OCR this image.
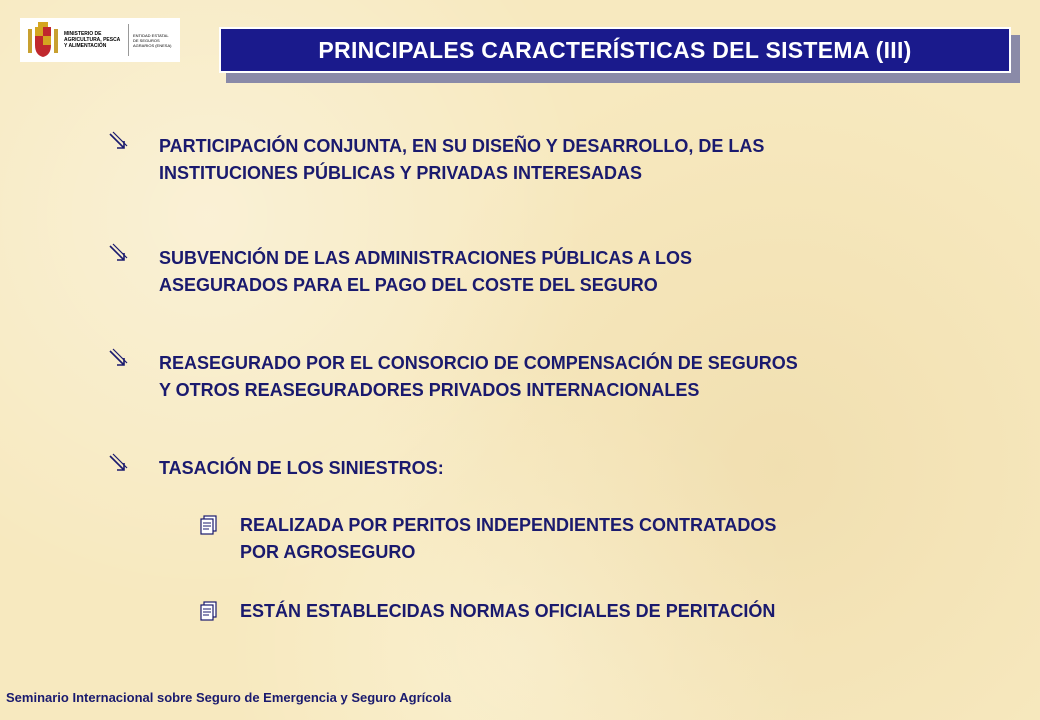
MINISTERIO DE AGRICULTURA, PESCA Y ALIMENTACIÓN
ENTIDAD ESTATAL DE SEGUROS AGRARIOS (ENESA)	PRINCIPALES CARACTERÍSTICAS DEL SISTEMA (III)
PARTICIPACIÓN CONJUNTA, EN SU DISEÑO Y DESARROLLO, DE LAS
INSTITUCIONES PÚBLICAS Y PRIVADAS INTERESADAS
SUBVENCIÓN DE LAS ADMINISTRACIONES PÚBLICAS A LOS
ASEGURADOS PARA EL PAGO DEL COSTE DEL SEGURO
REASEGURADO POR EL CONSORCIO DE COMPENSACIÓN DE SEGUROS
Y OTROS REASEGURADORES PRIVADOS INTERNACIONALES
TASACIÓN DE LOS SINIESTROS:
REALIZADA POR PERITOS INDEPENDIENTES CONTRATADOS
POR AGROSEGURO
ESTÁN ESTABLECIDAS NORMAS OFICIALES DE PERITACIÓN
Seminario Internacional sobre Seguro de Emergencia y Seguro Agrícola
